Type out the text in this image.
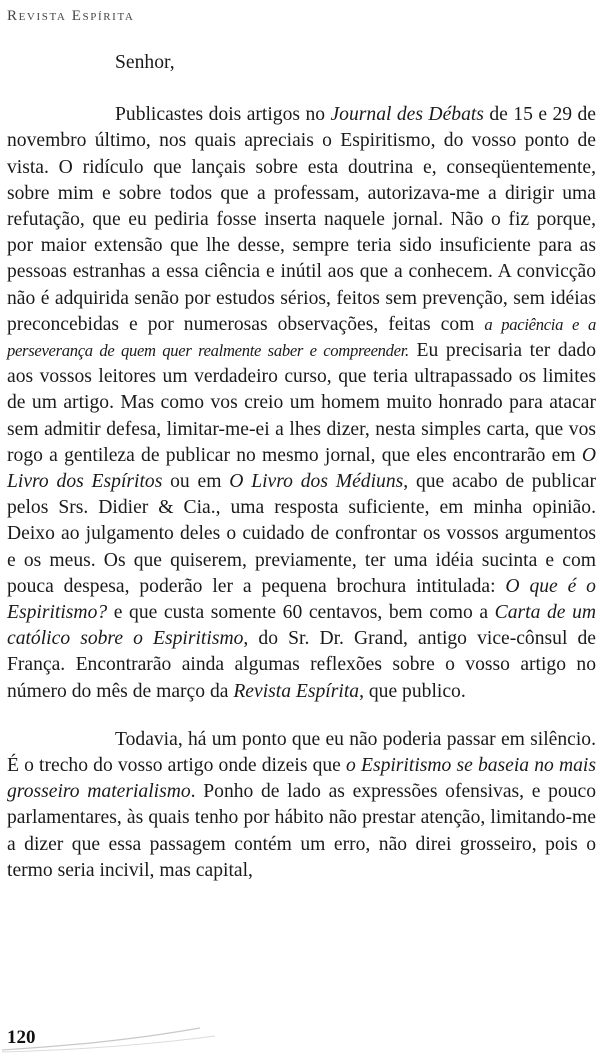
Revista Espírita

Senhor,

Publicastes dois artigos no Journal des Débats de 15 e 29 de novembro último, nos quais apreciais o Espiritismo, do vosso ponto de vista. O ridículo que lançais sobre esta doutrina e, conseqüentemente, sobre mim e sobre todos que a professam, autorizava-me a dirigir uma refutação, que eu pediria fosse inserta naquele jornal. Não o fiz porque, por maior extensão que lhe desse, sempre teria sido insuficiente para as pessoas estranhas a essa ciência e inútil aos que a conhecem. A convicção não é adquirida senão por estudos sérios, feitos sem prevenção, sem idéias preconcebidas e por numerosas observações, feitas com a paciência e a perseverança de quem quer realmente saber e compreender. Eu precisaria ter dado aos vossos leitores um verdadeiro curso, que teria ultrapassado os limites de um artigo. Mas como vos creio um homem muito honrado para atacar sem admitir defesa, limitar-me-ei a lhes dizer, nesta simples carta, que vos rogo a gentileza de publicar no mesmo jornal, que eles encontrarão em O Livro dos Espíritos ou em O Livro dos Médiuns, que acabo de publicar pelos Srs. Didier & Cia., uma resposta suficiente, em minha opinião. Deixo ao julgamento deles o cuidado de confrontar os vossos argumentos e os meus. Os que quiserem, previamente, ter uma idéia sucinta e com pouca despesa, poderão ler a pequena brochura intitulada: O que é o Espiritismo? e que custa somente 60 centavos, bem como a Carta de um católico sobre o Espiritismo, do Sr. Dr. Grand, antigo vice-cônsul de França. Encontrarão ainda algumas reflexões sobre o vosso artigo no número do mês de março da Revista Espírita, que publico.

Todavia, há um ponto que eu não poderia passar em silêncio. É o trecho do vosso artigo onde dizeis que o Espiritismo se baseia no mais grosseiro materialismo. Ponho de lado as expressões ofensivas, e pouco parlamentares, às quais tenho por hábito não prestar atenção, limitando-me a dizer que essa passagem contém um erro, não direi grosseiro, pois o termo seria incivil, mas capital,

120
